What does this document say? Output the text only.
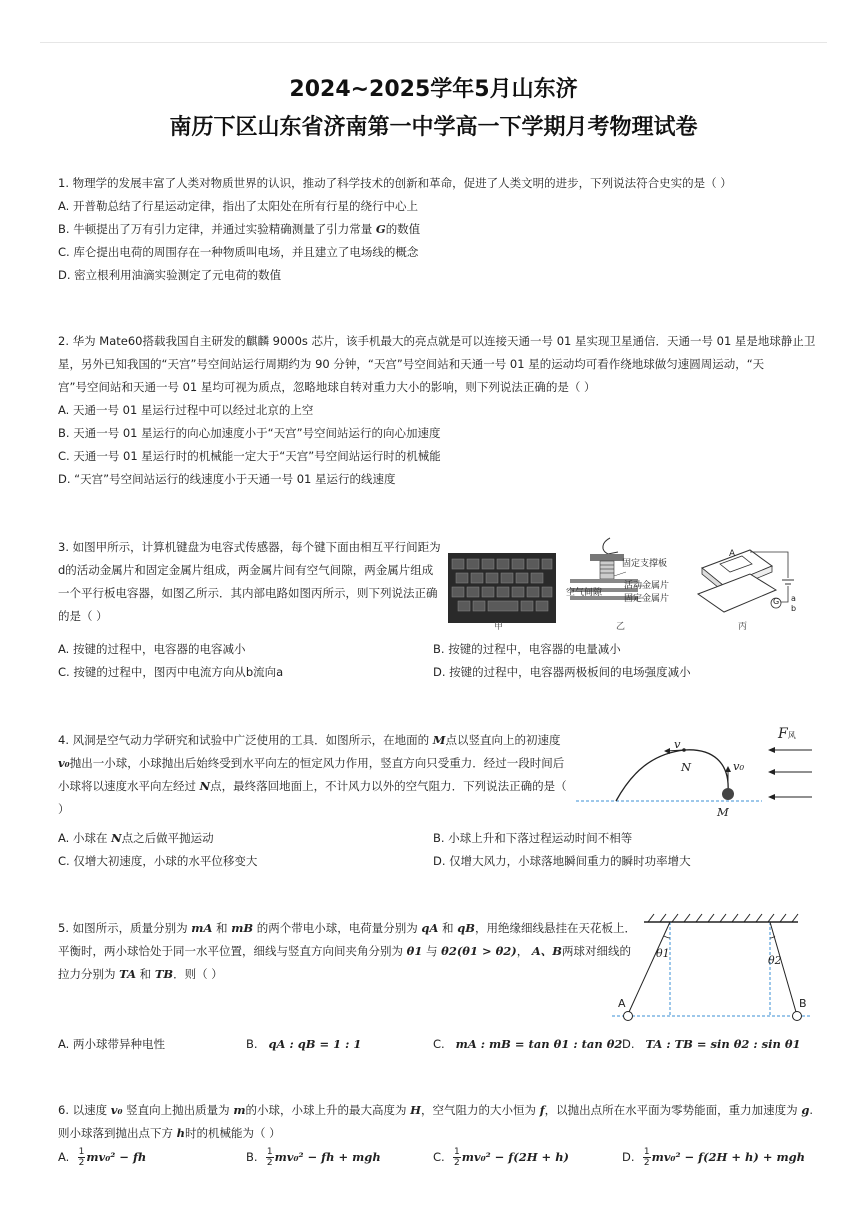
2024~2025学年5月山东济
南历下区山东省济南第一中学高一下学期月考物理试卷
1. 物理学的发展丰富了人类对物质世界的认识，推动了科学技术的创新和革命，促进了人类文明的进步，下列说法符合史实的是（ ）
A. 开普勒总结了行星运动定律，指出了太阳处在所有行星的绕行中心上
B. 牛顿提出了万有引力定律，并通过实验精确测量了引力常量 G的数值
C. 库仑提出电荷的周围存在一种物质叫电场，并且建立了电场线的概念
D. 密立根利用油滴实验测定了元电荷的数值
2. 华为 Mate60搭载我国自主研发的麒麟 9000s 芯片，该手机最大的亮点就是可以连接天通一号 01 星实现卫星通信．天通一号 01 星是地球静止卫
星，另外已知我国的“天宫”号空间站运行周期约为 90 分钟，“天宫”号空间站和天通一号 01 星的运动均可看作绕地球做匀速圆周运动，“天
宫”号空间站和天通一号 01 星均可视为质点，忽略地球自转对重力大小的影响，则下列说法正确的是（ ）
A. 天通一号 01 星运行过程中可以经过北京的上空
B. 天通一号 01 星运行的向心加速度小于“天宫”号空间站运行的向心加速度
C. 天通一号 01 星运行时的机械能一定大于“天宫”号空间站运行时的机械能
D. “天宫”号空间站运行的线速度小于天通一号 01 星运行的线速度
3. 如图甲所示，计算机键盘为电容式传感器，每个键下面由相互平行间距为
d的活动金属片和固定金属片组成，两金属片间有空气间隙，两金属片组成
一个平行板电容器，如图乙所示．其内部电路如图丙所示，则下列说法正确
的是（ ）
甲
固定支撑板
空气间隙
活动金属片
固定金属片
乙
A
G a
b
丙
A. 按键的过程中，电容器的电容减小	B. 按键的过程中，电容器的电量减小
C. 按键的过程中，图丙中电流方向从b流向a	D. 按键的过程中，电容器两极板间的电场强度减小
4. 风洞是空气动力学研究和试验中广泛使用的工具．如图所示，在地面的 M点以竖直向上的初速度
v₀抛出一小球，小球抛出后始终受到水平向左的恒定风力作用，竖直方向只受重力．经过一段时间后
小球将以速度水平向左经过 N点，最终落回地面上，不计风力以外的空气阻力．下列说法正确的是（
）
v
N	v₀
M
F风
A. 小球在 N点之后做平抛运动	B. 小球上升和下落过程运动时间不相等
C. 仅增大初速度，小球的水平位移变大	D. 仅增大风力，小球落地瞬间重力的瞬时功率增大
5. 如图所示，质量分别为 mA 和 mB 的两个带电小球，电荷量分别为 qA 和 qB，用绝缘细线悬挂在天花板上．
平衡时，两小球恰处于同一水平位置，细线与竖直方向间夹角分别为 θ1 与 θ2(θ1 > θ2)， A、B两球对细线的
拉力分别为 TA 和 TB．则（ ）
θ1
θ2
A	B
A. 两小球带异种电性	B. qA : qB = 1 : 1	C. mA : mB = tan θ1 : tan θ2 D. TA : TB = sin θ2 : sin θ1
6. 以速度 v₀ 竖直向上抛出质量为 m的小球，小球上升的最大高度为 H，空气阻力的大小恒为 f，以抛出点所在水平面为零势能面，重力加速度为 g.
则小球落到抛出点下方 h时的机械能为（ ）
A. $\frac{1}{2} mv_0^2$ − fh	B. $\frac{1}{2} mv_0^2$ − fh + mgh	C. $\frac{1}{2} mv_0^2 - f(2H + h)$	D. $\frac{1}{2} mv_0^2 - f(2H + h)$ + mgh
